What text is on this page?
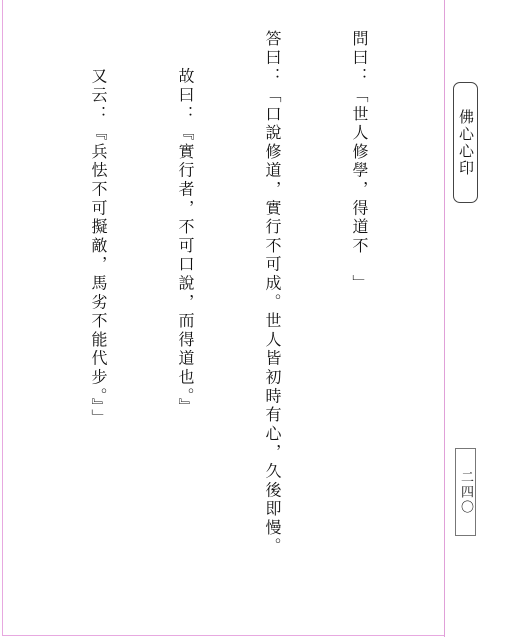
佛心心印
二四〇

問曰：「世人修學，得道不　」

答曰：「口說修道，實行不可成。世人皆初時有心，久後即慢。

　　故曰：『實行者，不可口說，而得道也。』

　　又云：『兵怯不可擬敵，馬劣不能代步。』」
